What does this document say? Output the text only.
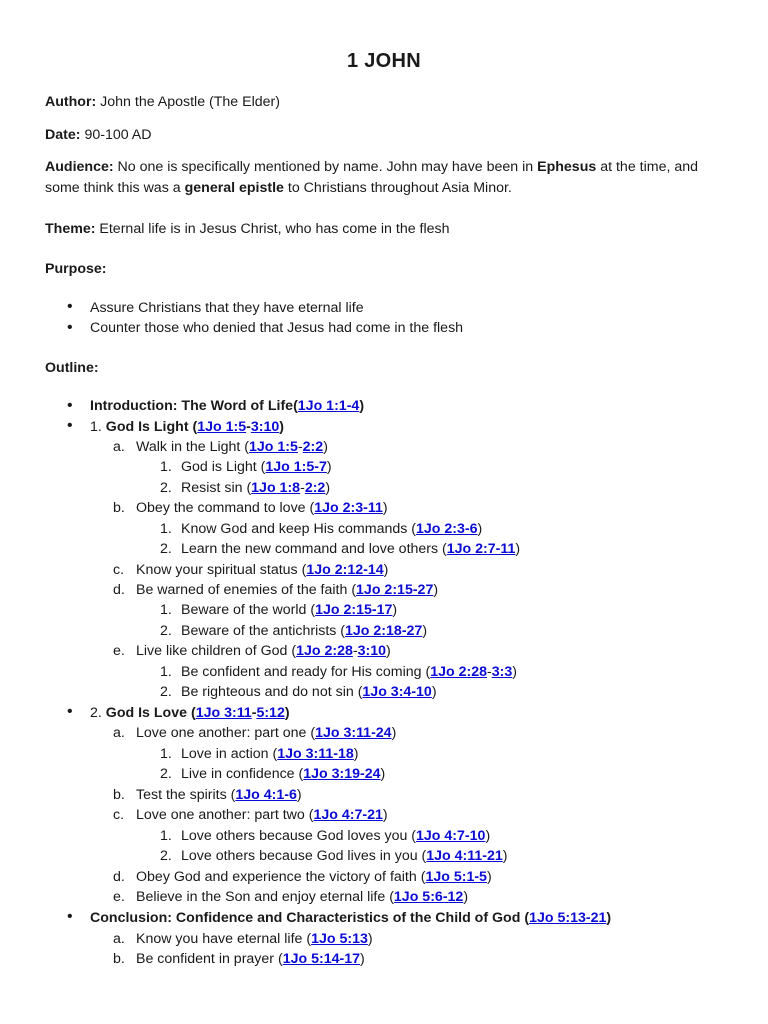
1 JOHN
Author: John the Apostle (The Elder)
Date: 90-100 AD
Audience: No one is specifically mentioned by name. John may have been in Ephesus at the time, and
some think this was a general epistle to Christians throughout Asia Minor.
Theme: Eternal life is in Jesus Christ, who has come in the flesh
Purpose:
• Assure Christians that they have eternal life
• Counter those who denied that Jesus had come in the flesh
Outline:
• Introduction: The Word of Life(1Jo 1:1-4)
• 1. God Is Light (1Jo 1:5-3:10)
a. Walk in the Light (1Jo 1:5-2:2)
1. God is Light (1Jo 1:5-7)
2. Resist sin (1Jo 1:8-2:2)
b. Obey the command to love (1Jo 2:3-11)
1. Know God and keep His commands (1Jo 2:3-6)
2. Learn the new command and love others (1Jo 2:7-11)
c. Know your spiritual status (1Jo 2:12-14)
d. Be warned of enemies of the faith (1Jo 2:15-27)
1. Beware of the world (1Jo 2:15-17)
2. Beware of the antichrists (1Jo 2:18-27)
e. Live like children of God (1Jo 2:28-3:10)
1. Be confident and ready for His coming (1Jo 2:28-3:3)
2. Be righteous and do not sin (1Jo 3:4-10)
• 2. God Is Love (1Jo 3:11-5:12)
a. Love one another: part one (1Jo 3:11-24)
1. Love in action (1Jo 3:11-18)
2. Live in confidence (1Jo 3:19-24)
b. Test the spirits (1Jo 4:1-6)
c. Love one another: part two (1Jo 4:7-21)
1. Love others because God loves you (1Jo 4:7-10)
2. Love others because God lives in you (1Jo 4:11-21)
d. Obey God and experience the victory of faith (1Jo 5:1-5)
e. Believe in the Son and enjoy eternal life (1Jo 5:6-12)
• Conclusion: Confidence and Characteristics of the Child of God (1Jo 5:13-21)
a. Know you have eternal life (1Jo 5:13)
b. Be confident in prayer (1Jo 5:14-17)
